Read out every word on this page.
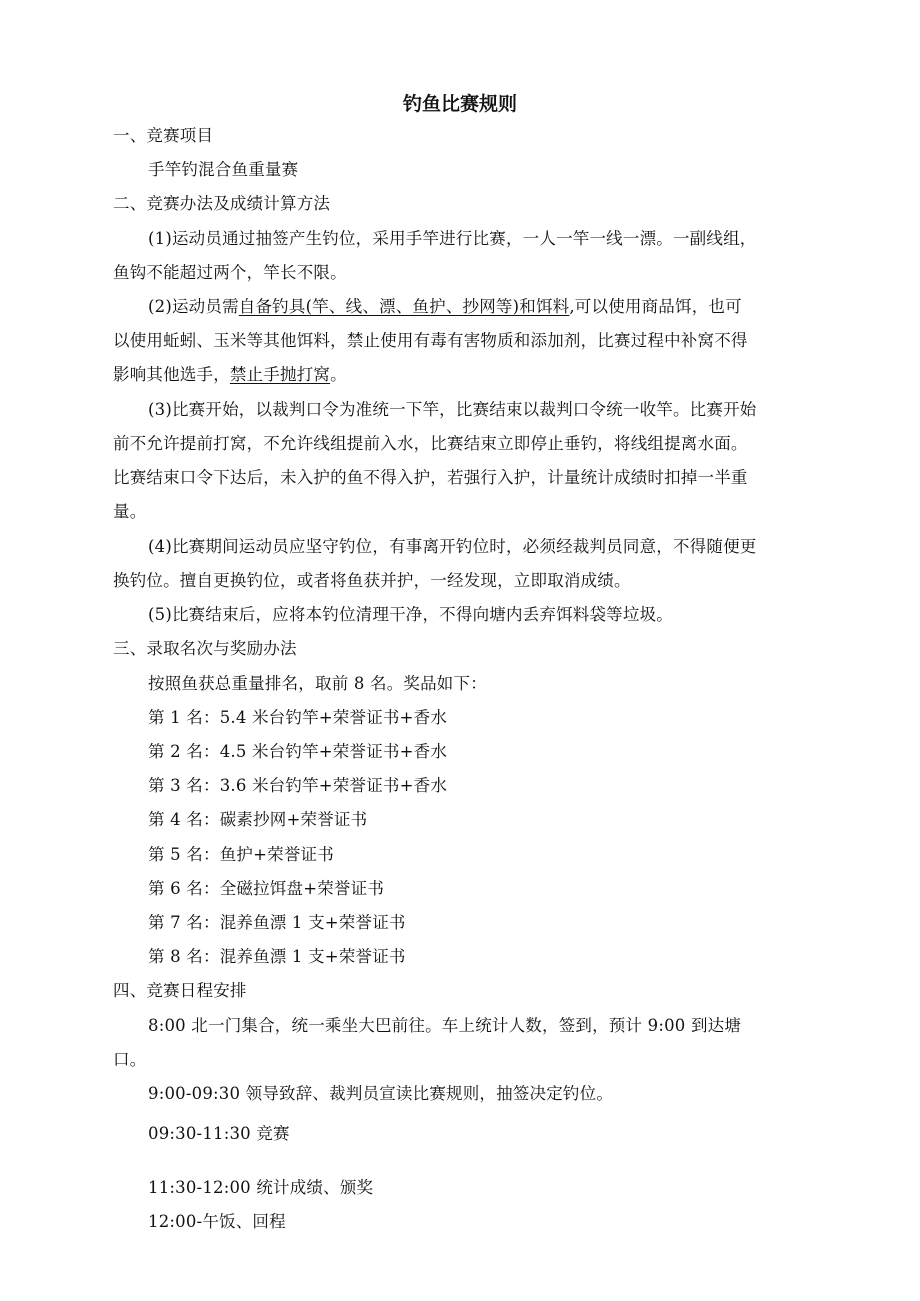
钓鱼比赛规则
一、竞赛项目
手竿钓混合鱼重量赛
二、竞赛办法及成绩计算方法
(1)运动员通过抽签产生钓位，采用手竿进行比赛，一人一竿一线一漂。一副线组，
鱼钩不能超过两个，竿长不限。
(2)运动员需自备钓具(竿、线、漂、鱼护、抄网等)和饵料,可以使用商品饵，也可
以使用蚯蚓、玉米等其他饵料，禁止使用有毒有害物质和添加剂，比赛过程中补窝不得
影响其他选手，禁止手抛打窝。
(3)比赛开始，以裁判口令为准统一下竿，比赛结束以裁判口令统一收竿。比赛开始
前不允许提前打窝，不允许线组提前入水，比赛结束立即停止垂钓，将线组提离水面。
比赛结束口令下达后，未入护的鱼不得入护，若强行入护，计量统计成绩时扣掉一半重
量。
(4)比赛期间运动员应坚守钓位，有事离开钓位时，必须经裁判员同意，不得随便更
换钓位。擅自更换钓位，或者将鱼获并护，一经发现，立即取消成绩。
(5)比赛结束后，应将本钓位清理干净，不得向塘内丢弃饵料袋等垃圾。
三、录取名次与奖励办法
按照鱼获总重量排名，取前 8 名。奖品如下：
第 1 名：5.4 米台钓竿+荣誉证书+香水
第 2 名：4.5 米台钓竿+荣誉证书+香水
第 3 名：3.6 米台钓竿+荣誉证书+香水
第 4 名：碳素抄网+荣誉证书
第 5 名：鱼护+荣誉证书
第 6 名：全磁拉饵盘+荣誉证书
第 7 名：混养鱼漂 1 支+荣誉证书
第 8 名：混养鱼漂 1 支+荣誉证书
四、竞赛日程安排
8:00 北一门集合，统一乘坐大巴前往。车上统计人数，签到，预计 9:00 到达塘
口。
9:00-09:30 领导致辞、裁判员宣读比赛规则，抽签决定钓位。
09:30-11:30 竞赛
11:30-12:00 统计成绩、颁奖
12:00-午饭、回程
